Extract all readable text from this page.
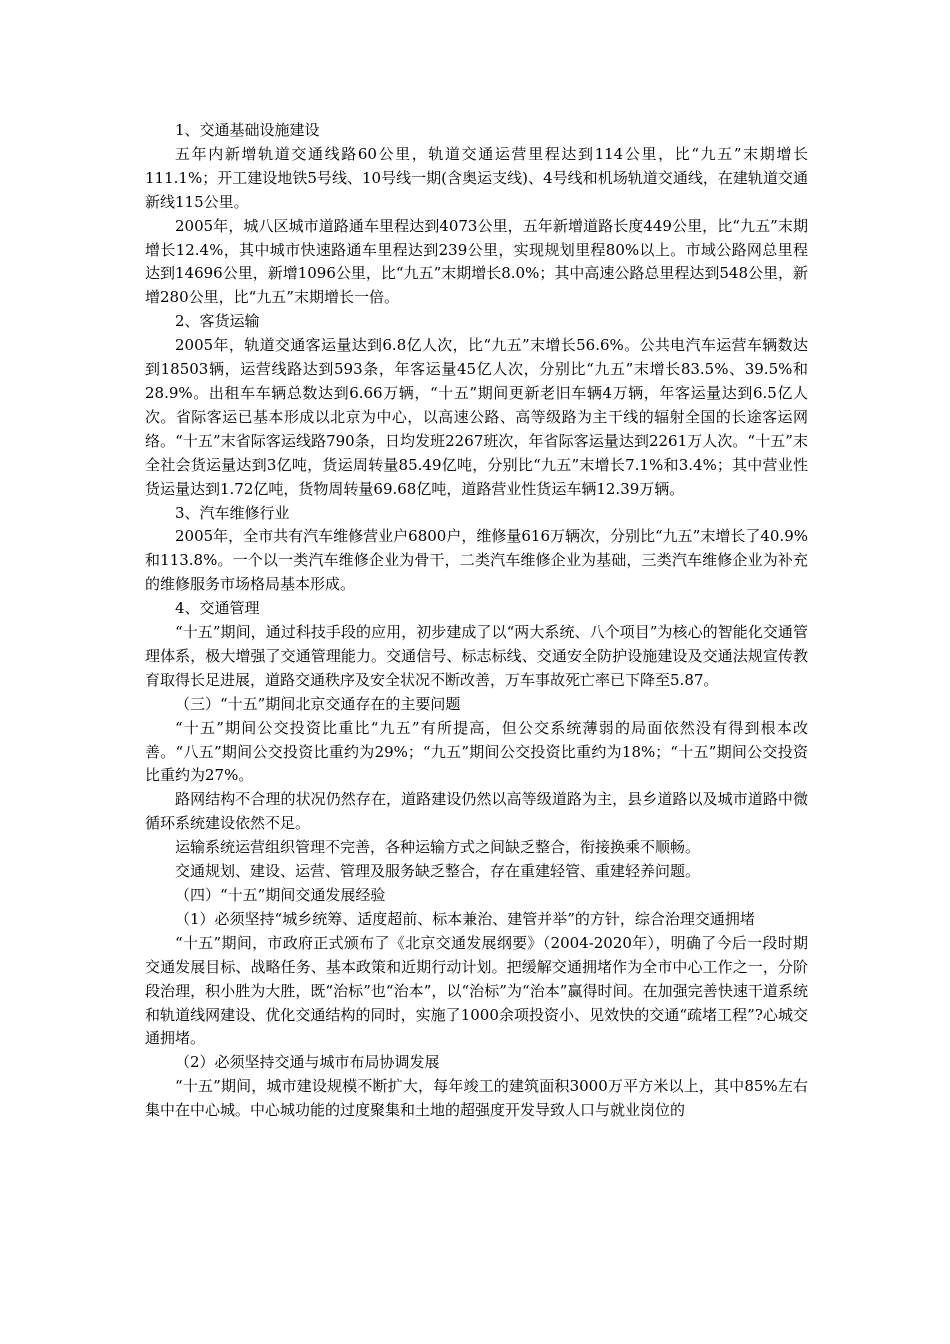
1、交通基础设施建设

五年内新增轨道交通线路60公里，轨道交通运营里程达到114公里，比“九五”末期增长111.1%；开工建设地铁5号线、10号线一期(含奥运支线)、4号线和机场轨道交通线，在建轨道交通新线115公里。

2005年，城八区城市道路通车里程达到4073公里，五年新增道路长度449公里，比“九五”末期增长12.4%，其中城市快速路通车里程达到239公里，实现规划里程80%以上。市域公路网总里程达到14696公里，新增1096公里，比“九五”末期增长8.0%；其中高速公路总里程达到548公里，新增280公里，比“九五”末期增长一倍。

2、客货运输

2005年，轨道交通客运量达到6.8亿人次，比“九五”末增长56.6%。公共电汽车运营车辆数达到18503辆，运营线路达到593条，年客运量45亿人次，分别比“九五”末增长83.5%、39.5%和28.9%。出租车车辆总数达到6.66万辆，“十五”期间更新老旧车辆4万辆，年客运量达到6.5亿人次。省际客运已基本形成以北京为中心，以高速公路、高等级路为主干线的辐射全国的长途客运网络。“十五”末省际客运线路790条，日均发班2267班次，年省际客运量达到2261万人次。“十五”末全社会货运量达到3亿吨，货运周转量85.49亿吨，分别比“九五”末增长7.1%和3.4%；其中营业性货运量达到1.72亿吨，货物周转量69.68亿吨，道路营业性货运车辆12.39万辆。

3、汽车维修行业

2005年，全市共有汽车维修营业户6800户，维修量616万辆次，分别比“九五”末增长了40.9%和113.8%。一个以一类汽车维修企业为骨干，二类汽车维修企业为基础，三类汽车维修企业为补充的维修服务市场格局基本形成。

4、交通管理

“十五”期间，通过科技手段的应用，初步建成了以“两大系统、八个项目”为核心的智能化交通管理体系，极大增强了交通管理能力。交通信号、标志标线、交通安全防护设施建设及交通法规宣传教育取得长足进展，道路交通秩序及安全状况不断改善，万车事故死亡率已下降至5.87。

（三）“十五”期间北京交通存在的主要问题

“十五”期间公交投资比重比“九五”有所提高，但公交系统薄弱的局面依然没有得到根本改善。“八五”期间公交投资比重约为29%；“九五”期间公交投资比重约为18%；“十五”期间公交投资比重约为27%。

路网结构不合理的状况仍然存在，道路建设仍然以高等级道路为主，县乡道路以及城市道路中微循环系统建设依然不足。

运输系统运营组织管理不完善，各种运输方式之间缺乏整合，衔接换乘不顺畅。

交通规划、建设、运营、管理及服务缺乏整合，存在重建轻管、重建轻养问题。

（四）“十五”期间交通发展经验

（1）必须坚持“城乡统筹、适度超前、标本兼治、建管并举”的方针，综合治理交通拥堵

“十五”期间，市政府正式颁布了《北京交通发展纲要》（2004-2020年），明确了今后一段时期交通发展目标、战略任务、基本政策和近期行动计划。把缓解交通拥堵作为全市中心工作之一，分阶段治理，积小胜为大胜，既“治标”也“治本”，以“治标”为“治本”赢得时间。在加强完善快速干道系统和轨道线网建设、优化交通结构的同时，实施了1000余项投资小、见效快的交通“疏堵工程”?心城交通拥堵。

（2）必须坚持交通与城市布局协调发展

“十五”期间，城市建设规模不断扩大，每年竣工的建筑面积3000万平方米以上，其中85%左右集中在中心城。中心城功能的过度聚集和土地的超强度开发导致人口与就业岗位的
